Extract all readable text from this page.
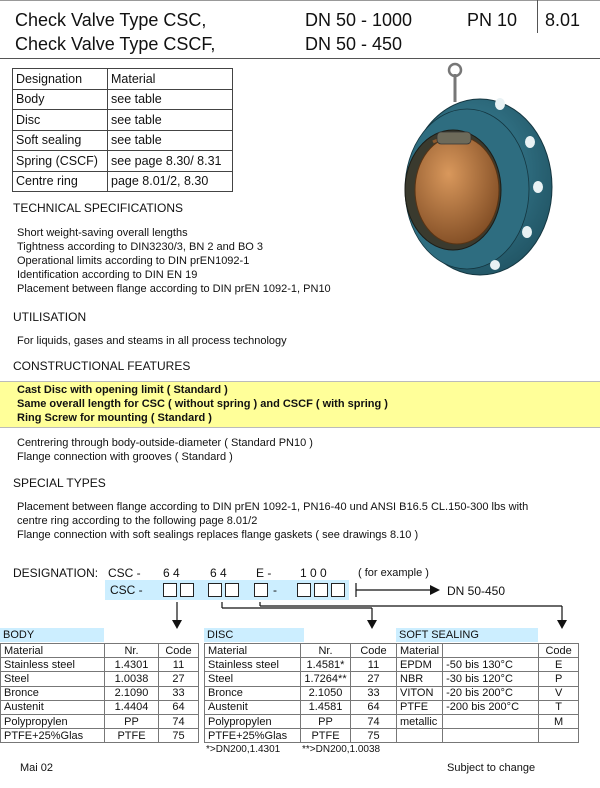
Check Valve Type CSC,
Check Valve Type CSCF,
DN 50 - 1000
DN 50 - 450
PN 10 8.01
Designation	Material
Body	see table
Disc	see table
Soft sealing	see table
Spring (CSCF)	see page 8.30/ 8.31
Centre ring	page 8.01/2, 8.30
TECHNICAL SPECIFICATIONS
Short weight-saving overall lengths
Tightness according to DIN3230/3, BN 2 and BO 3
Operational limits according to DIN prEN1092-1
Identification according to DIN EN 19
Placement between flange according to DIN prEN 1092-1, PN10
UTILISATION
For liquids, gases and steams in all process technology
CONSTRUCTIONAL FEATURES
Cast Disc with opening limit ( Standard )
Same overall length for CSC ( without spring ) and CSCF ( with spring )
Ring Screw for mounting ( Standard )
Centrering through body-outside-diameter ( Standard PN10 )
Flange connection with grooves ( Standard )
SPECIAL TYPES
Placement between flange according to DIN prEN 1092-1, PN16-40 und ANSI B16.5 CL.150-300 lbs with
centre ring according to the following page 8.01/2
Flange connection with soft sealings replaces flange gaskets ( see drawings 8.10 )
DESIGNATION: CSC - 6 4	6 4 E - 1 0 0	( for example )
CSC -	-	DN 50-450
BODY
Material	Nr.	Code
Stainless steel	1.4301	11
Steel	1.0038	27
Bronce	2.1090	33
Austenit	1.4404	64
Polypropylen	PP	74
PTFE+25%Glas	PTFE	75
DISC
Material	Nr.	Code
Stainless steel	1.4581*	11
Steel	1.7264**	27
Bronce	2.1050	33
Austenit	1.4581	64
Polypropylen	PP	74
PTFE+25%Glas	PTFE	75
SOFT SEALING
Material		Code
EPDM	-50 bis 130°C	E
NBR	-30 bis 120°C	P
VITON	-20 bis 200°C	V
PTFE	-200 bis 200°C	T
metallic		M

*>DN200,1.4301 **>DN200,1.0038
Mai 02	Subject to change
